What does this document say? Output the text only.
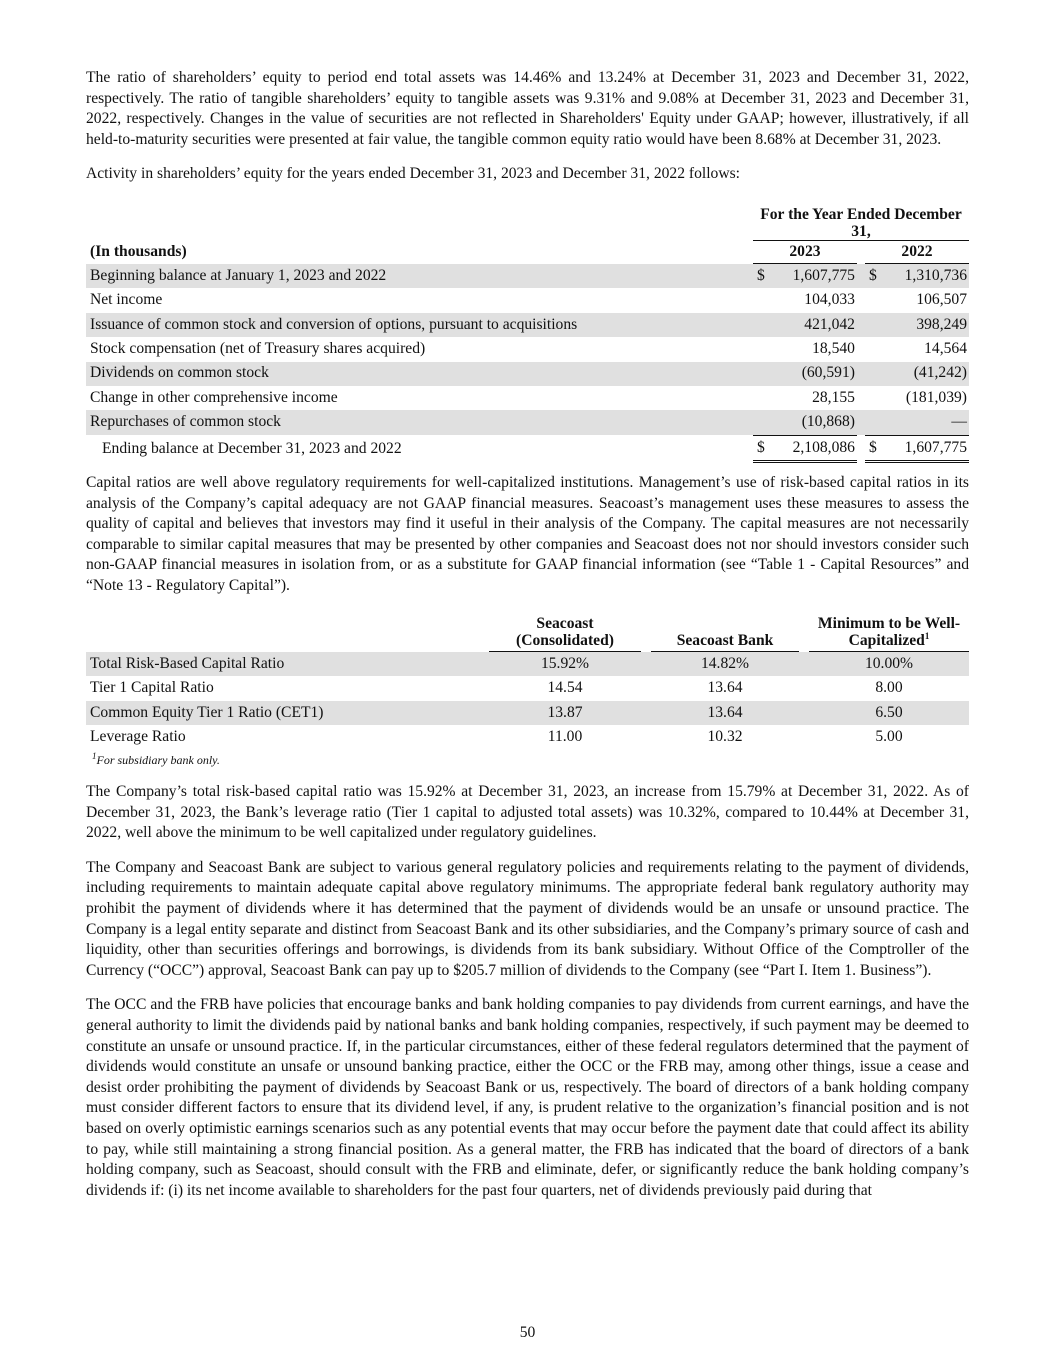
The ratio of shareholders’ equity to period end total assets was 14.46% and 13.24% at December 31, 2023 and December 31, 2022, respectively. The ratio of tangible shareholders’ equity to tangible assets was 9.31% and 9.08% at December 31, 2023 and December 31, 2022, respectively. Changes in the value of securities are not reflected in Shareholders' Equity under GAAP; however, illustratively, if all held-to-maturity securities were presented at fair value, the tangible common equity ratio would have been 8.68% at December 31, 2023.

Activity in shareholders’ equity for the years ended December 31, 2023 and December 31, 2022 follows:

	For the Year Ended December 31,		
(In thousands)	2023		2022
Beginning balance at January 1, 2023 and 2022	$ 1,607,775		$ 1,310,736
Net income	104,033		106,507
Issuance of common stock and conversion of options, pursuant to acquisitions	421,042		398,249
Stock compensation (net of Treasury shares acquired)	18,540		14,564
Dividends on common stock	(60,591)		(41,242)
Change in other comprehensive income	28,155		(181,039)
Repurchases of common stock	(10,868)		—
Ending balance at December 31, 2023 and 2022	$ 2,108,086		$ 1,607,775

Capital ratios are well above regulatory requirements for well-capitalized institutions. Management’s use of risk-based capital ratios in its analysis of the Company’s capital adequacy are not GAAP financial measures. Seacoast’s management uses these measures to assess the quality of capital and believes that investors may find it useful in their analysis of the Company. The capital measures are not necessarily comparable to similar capital measures that may be presented by other companies and Seacoast does not nor should investors consider such non-GAAP financial measures in isolation from, or as a substitute for GAAP financial information (see “Table 1 - Capital Resources” and “Note 13 - Regulatory Capital”).

	Seacoast (Consolidated)		Seacoast Bank		Minimum to be Well-Capitalized$^1$
Total Risk-Based Capital Ratio	15.92%		14.82%		10.00%
Tier 1 Capital Ratio	14.54		13.64		8.00
Common Equity Tier 1 Ratio (CET1)	13.87		13.64		6.50
Leverage Ratio	11.00		10.32		5.00
$^1$For subsidiary bank only.

The Company’s total risk-based capital ratio was 15.92% at December 31, 2023, an increase from 15.79% at December 31, 2022. As of December 31, 2023, the Bank’s leverage ratio (Tier 1 capital to adjusted total assets) was 10.32%, compared to 10.44% at December 31, 2022, well above the minimum to be well capitalized under regulatory guidelines.

The Company and Seacoast Bank are subject to various general regulatory policies and requirements relating to the payment of dividends, including requirements to maintain adequate capital above regulatory minimums. The appropriate federal bank regulatory authority may prohibit the payment of dividends where it has determined that the payment of dividends would be an unsafe or unsound practice. The Company is a legal entity separate and distinct from Seacoast Bank and its other subsidiaries, and the Company’s primary source of cash and liquidity, other than securities offerings and borrowings, is dividends from its bank subsidiary. Without Office of the Comptroller of the Currency (“OCC”) approval, Seacoast Bank can pay up to $205.7 million of dividends to the Company (see “Part I. Item 1. Business”).

The OCC and the FRB have policies that encourage banks and bank holding companies to pay dividends from current earnings, and have the general authority to limit the dividends paid by national banks and bank holding companies, respectively, if such payment may be deemed to constitute an unsafe or unsound practice. If, in the particular circumstances, either of these federal regulators determined that the payment of dividends would constitute an unsafe or unsound banking practice, either the OCC or the FRB may, among other things, issue a cease and desist order prohibiting the payment of dividends by Seacoast Bank or us, respectively. The board of directors of a bank holding company must consider different factors to ensure that its dividend level, if any, is prudent relative to the organization’s financial position and is not based on overly optimistic earnings scenarios such as any potential events that may occur before the payment date that could affect its ability to pay, while still maintaining a strong financial position. As a general matter, the FRB has indicated that the board of directors of a bank holding company, such as Seacoast, should consult with the FRB and eliminate, defer, or significantly reduce the bank holding company’s dividends if: (i) its net income available to shareholders for the past four quarters, net of dividends previously paid during that

50
